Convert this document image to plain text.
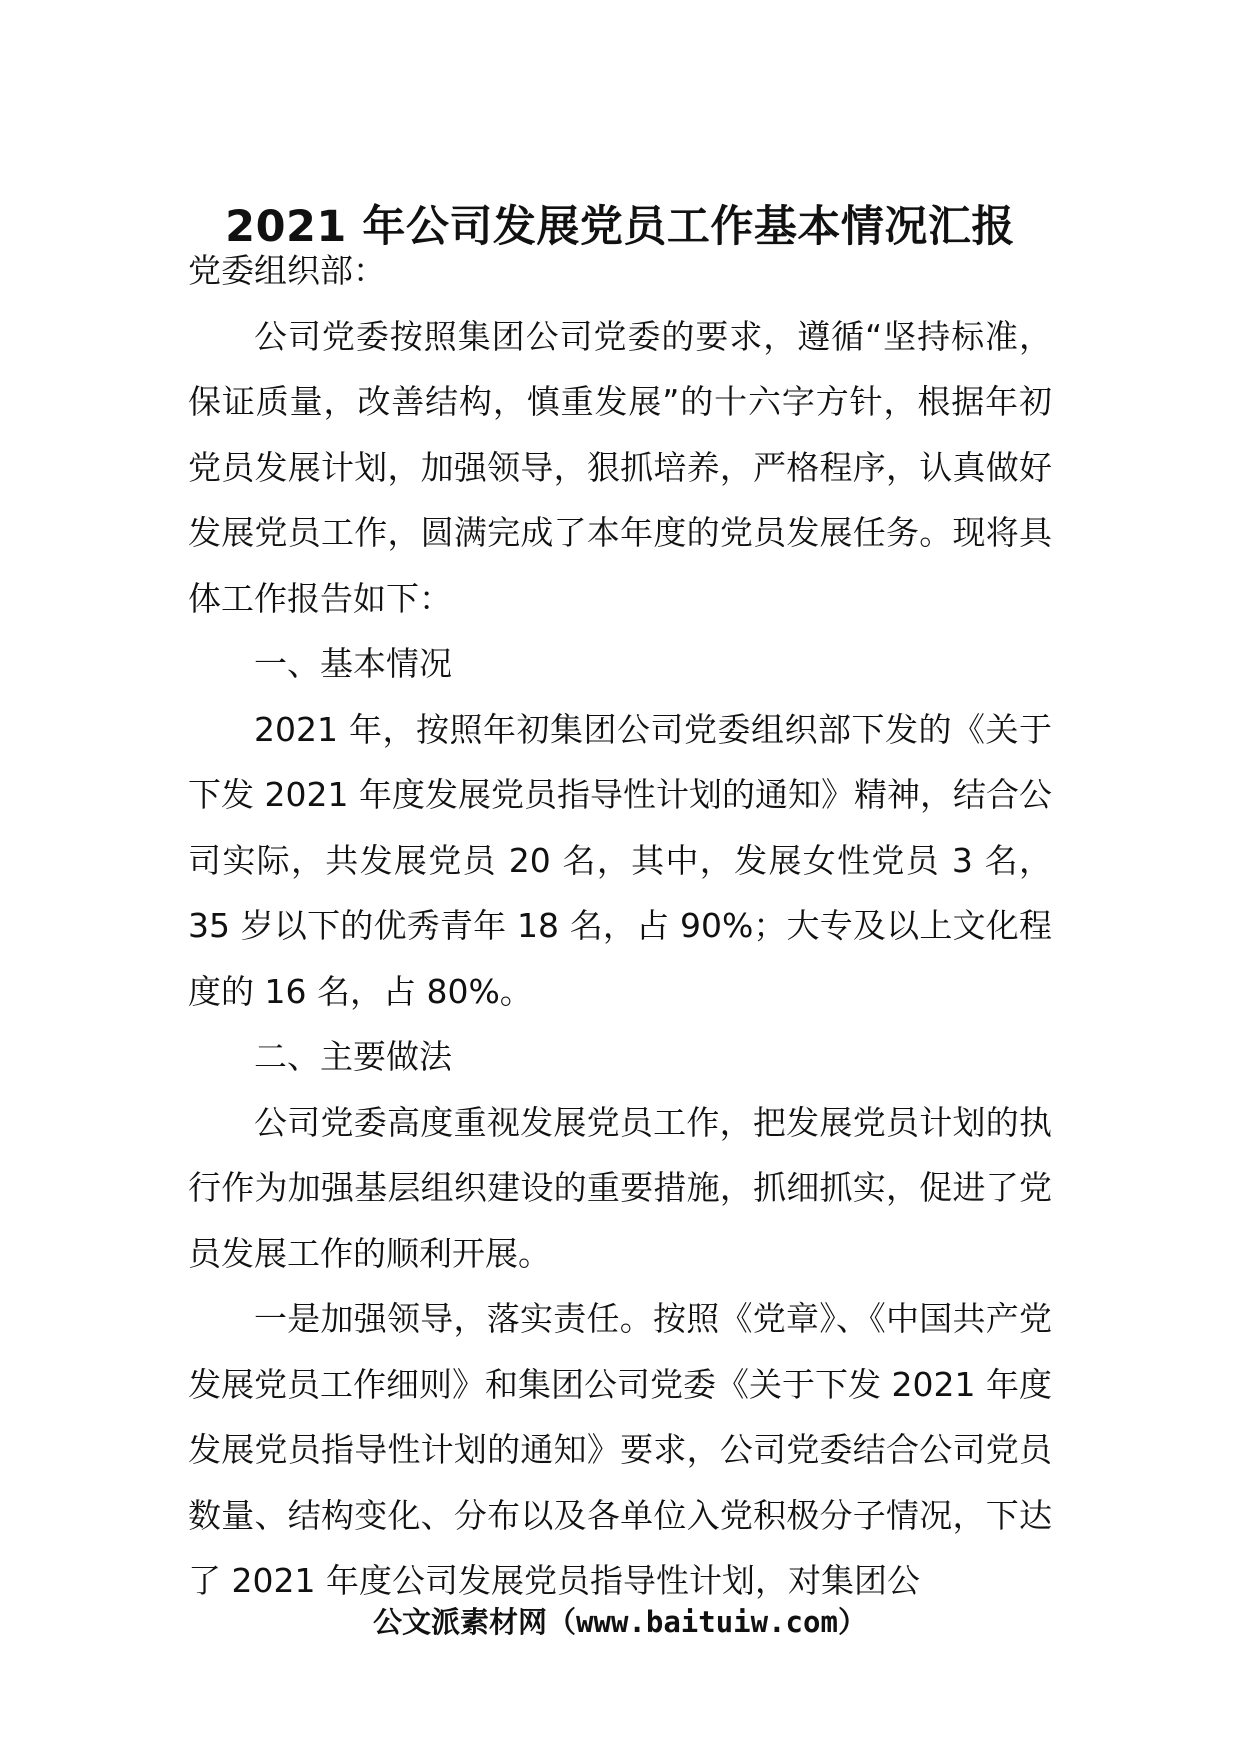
2021 年公司发展党员工作基本情况汇报

党委组织部：

公司党委按照集团公司党委的要求，遵循“坚持标准，保证质量，改善结构，慎重发展”的十六字方针，根据年初党员发展计划，加强领导，狠抓培养，严格程序，认真做好发展党员工作，圆满完成了本年度的党员发展任务。现将具体工作报告如下：

一、基本情况

2021 年，按照年初集团公司党委组织部下发的《关于下发 2021 年度发展党员指导性计划的通知》精神，结合公司实际，共发展党员 20 名，其中，发展女性党员 3 名，35 岁以下的优秀青年 18 名，占 90%；大专及以上文化程度的 16 名，占 80%。

二、主要做法

公司党委高度重视发展党员工作，把发展党员计划的执行作为加强基层组织建设的重要措施，抓细抓实，促进了党员发展工作的顺利开展。

一是加强领导，落实责任。按照《党章》、《中国共产党发展党员工作细则》和集团公司党委《关于下发 2021 年度发展党员指导性计划的通知》要求，公司党委结合公司党员数量、结构变化、分布以及各单位入党积极分子情况，下达了 2021 年度公司发展党员指导性计划，对集团公

公文派素材网（www.baituiw.com）
